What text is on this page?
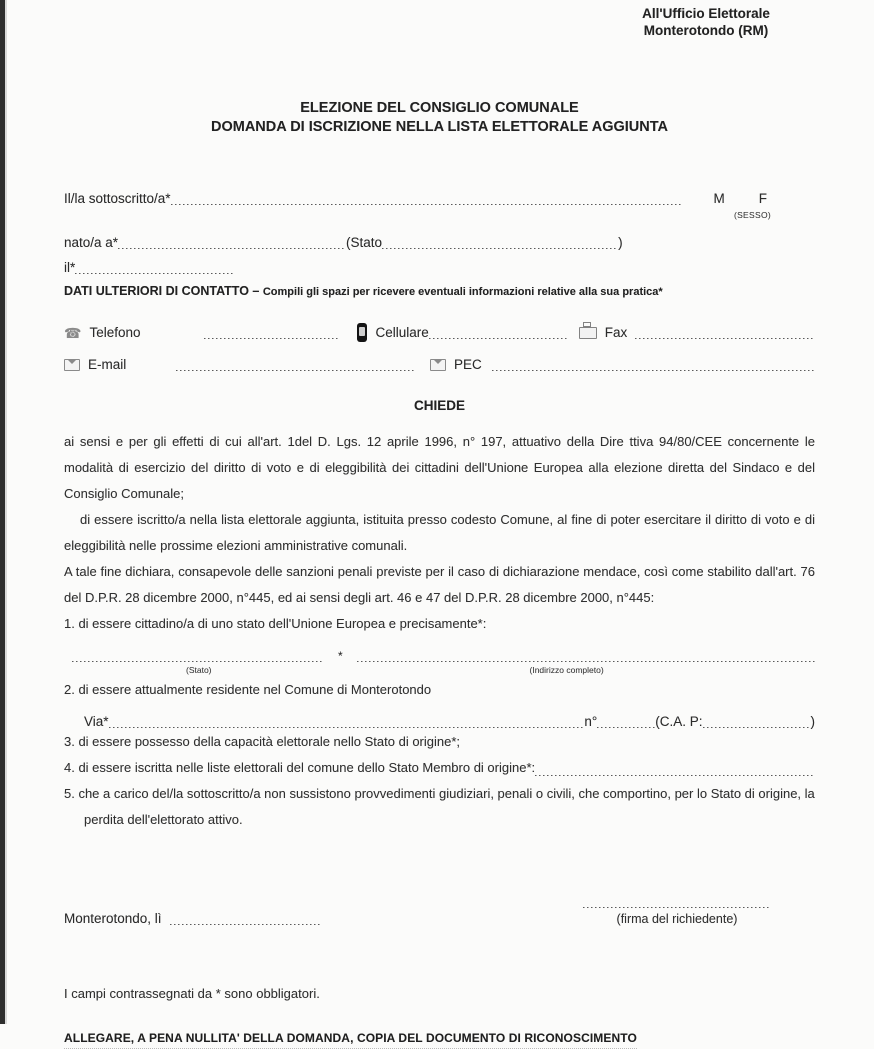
All'Ufficio Elettorale
Monterotondo (RM)
ELEZIONE DEL CONSIGLIO COMUNALE
DOMANDA DI ISCRIZIONE NELLA LISTA ELETTORALE AGGIUNTA
Il/la sottoscritto/a*	M	F
(SESSO)
nato/a a*	(Stato	)
il*
DATI ULTERIORI DI CONTATTO – Compili gli spazi per ricevere eventuali informazioni relative alla sua pratica*
☎ Telefono	Cellulare	Fax
E-mail	PEC
CHIEDE

ai sensi e per gli effetti di cui all'art. 1del D. Lgs. 12 aprile 1996, n° 197, attuativo della Dire ttiva 94/80/CEE concernente le modalità di esercizio del diritto di voto e di eleggibilità dei cittadini dell'Unione Europea alla elezione diretta del Sindaco e del Consiglio Comunale;

di essere iscritto/a nella lista elettorale aggiunta, istituita presso codesto Comune, al fine di poter esercitare il diritto di voto e di eleggibilità nelle prossime elezioni amministrative comunali.

A tale fine dichiara, consapevole delle sanzioni penali previste per il caso di dichiarazione mendace, così come stabilito dall'art. 76 del D.P.R. 28 dicembre 2000, n°445, ed ai sensi degli art. 46 e 47 del D.P.R. 28 dicembre 2000, n°445:

1. di essere cittadino/a di uno stato dell'Unione Europea e precisamente*:

*
(Stato)	(Indirizzo completo)

2. di essere attualmente residente nel Comune di Monterotondo

Via*	n°	(C.A. P:	)

3. di essere possesso della capacità elettorale nello Stato di origine*;

4. di essere iscritta nelle liste elettorali del comune dello Stato Membro di origine*:

5. che a carico del/la sottoscritto/a non sussistono provvedimenti giudiziari, penali o civili, che comportino, per lo Stato di origine, la perdita dell'elettorato attivo.

Monterotondo, lì	(firma del richiedente)
I campi contrassegnati da * sono obbligatori.
ALLEGARE, A PENA NULLITA' DELLA DOMANDA, COPIA DEL DOCUMENTO DI RICONOSCIMENTO
